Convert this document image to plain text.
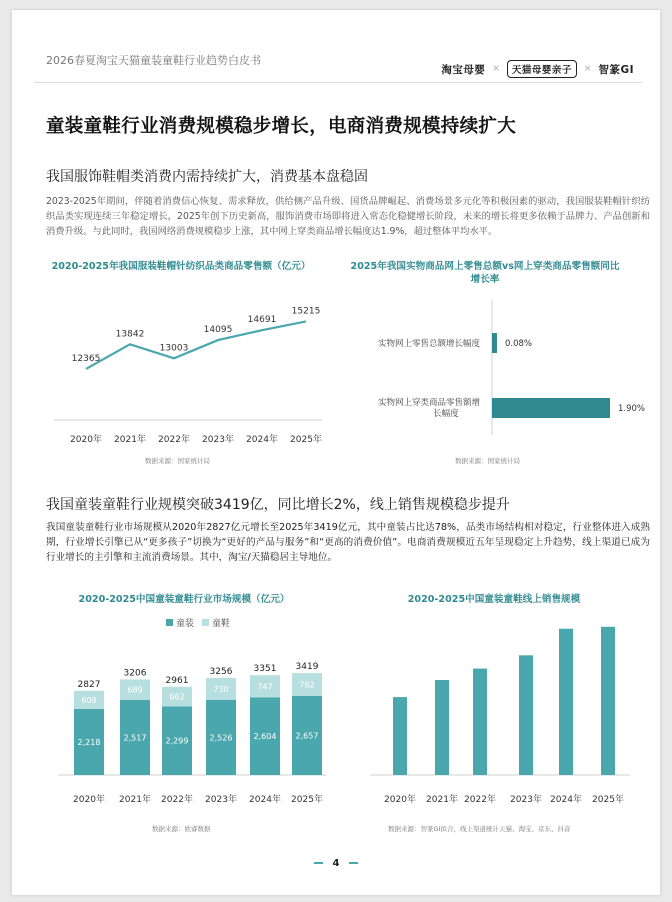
2026春夏淘宝天猫童装童鞋行业趋势白皮书
淘宝母婴 ×	天猫母婴亲子	× 智篆GI
童装童鞋行业消费规模稳步增长，电商消费规模持续扩大
我国服饰鞋帽类消费内需持续扩大，消费基本盘稳固
2023-2025年期间，伴随着消费信心恢复、需求释放，供给侧产品升级、国货品牌崛起、消费场景多元化等积极因素的驱动，我国服装鞋帽针织纺织品类实现连续三年稳定增长，2025年创下历史新高，服饰消费市场即将进入常态化稳健增长阶段，未来的增长将更多依赖于品牌力、产品创新和消费升级。与此同时，我国网络消费规模稳步上涨，其中网上穿类商品增长幅度达1.9%，超过整体平均水平。
2020-2025年我国服装鞋帽针纺织品类商品零售额（亿元）
12365
2020年
13842
2021年
13003
2022年
14095
2023年
14691
2024年
15215
2025年
数据来源：国家统计局
2025年我国实物商品网上零售总额vs网上穿类商品零售额同比增长率
0.08%
实物网上零售总额增长幅度
1.90%
实物网上穿类商品零售额增长幅度
数据来源：国家统计局
我国童装童鞋行业规模突破3419亿，同比增长2%，线上销售规模稳步提升
我国童装童鞋行业市场规模从2020年2827亿元增长至2025年3419亿元，其中童装占比达78%，品类市场结构相对稳定，行业整体进入成熟期，行业增长引擎已从“更多孩子”切换为“更好的产品与服务”和“更高的消费价值”。电商消费规模近五年呈现稳定上升趋势，线上渠道已成为行业增长的主引擎和主流消费场景。其中，淘宝/天猫稳居主导地位。
2020-2025中国童装童鞋行业市场规模（亿元）
童装	童鞋
2,218
609
2827
2020年
2,517
689
3206
2021年
2,299
662
2961
2022年
2,526
730
3256
2023年
2,604
747
3351
2024年
2,657
762
3419
2025年
数据来源：欧睿数据
2020-2025中国童装童鞋线上销售规模
2020年 2021年 2022年 2023年 2024年 2025年
数据来源：智篆GI拟合，线上渠道统计天猫、淘宝、京东、抖音
4
